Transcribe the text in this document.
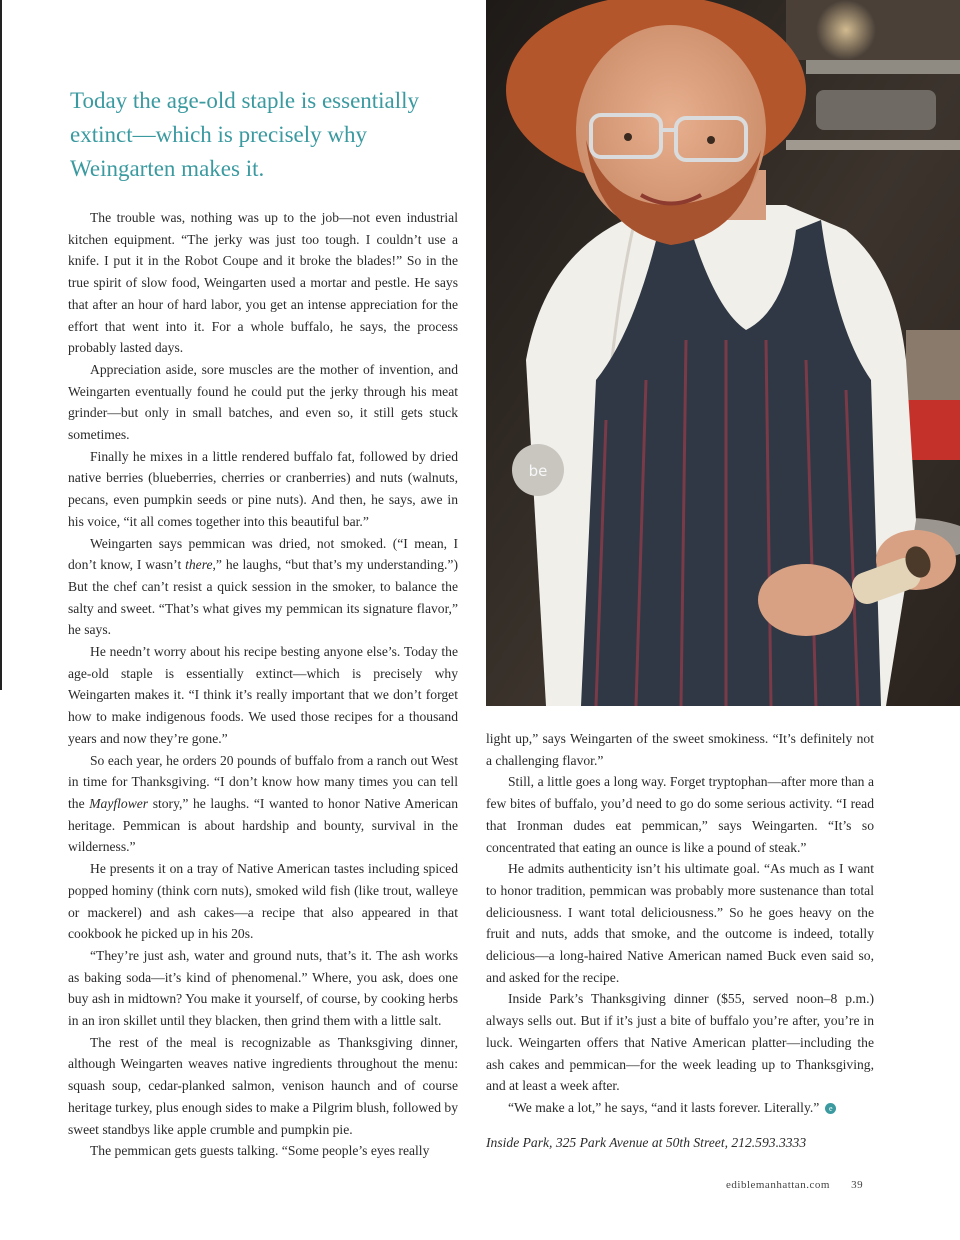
Today the age-old staple is essentially extinct—which is precisely why Weingarten makes it.

The trouble was, nothing was up to the job—not even industrial kitchen equipment. “The jerky was just too tough. I couldn’t use a knife. I put it in the Robot Coupe and it broke the blades!” So in the true spirit of slow food, Weingarten used a mortar and pestle. He says that after an hour of hard labor, you get an intense appreciation for the effort that went into it. For a whole buffalo, he says, the process probably lasted days.

Appreciation aside, sore muscles are the mother of invention, and Weingarten eventually found he could put the jerky through his meat grinder—but only in small batches, and even so, it still gets stuck sometimes.

Finally he mixes in a little rendered buffalo fat, followed by dried native berries (blueberries, cherries or cranberries) and nuts (walnuts, pecans, even pumpkin seeds or pine nuts). And then, he says, awe in his voice, “it all comes together into this beautiful bar.”

Weingarten says pemmican was dried, not smoked. (“I mean, I don’t know, I wasn’t there,” he laughs, “but that’s my understanding.”) But the chef can’t resist a quick session in the smoker, to balance the salty and sweet. “That’s what gives my pemmican its signature flavor,” he says.

He needn’t worry about his recipe besting anyone else’s. Today the age-old staple is essentially extinct—which is precisely why Weingarten makes it. “I think it’s really important that we don’t forget how to make indigenous foods. We used those recipes for a thousand years and now they’re gone.”

So each year, he orders 20 pounds of buffalo from a ranch out West in time for Thanksgiving. “I don’t know how many times you can tell the Mayflower story,” he laughs. “I wanted to honor Native American heritage. Pemmican is about hardship and bounty, survival in the wilderness.”

He presents it on a tray of Native American tastes including spiced popped hominy (think corn nuts), smoked wild fish (like trout, walleye or mackerel) and ash cakes—a recipe that also appeared in that cookbook he picked up in his 20s.

“They’re just ash, water and ground nuts, that’s it. The ash works as baking soda—it’s kind of phenomenal.” Where, you ask, does one buy ash in midtown? You make it yourself, of course, by cooking herbs in an iron skillet until they blacken, then grind them with a little salt.

The rest of the meal is recognizable as Thanksgiving dinner, although Weingarten weaves native ingredients throughout the menu: squash soup, cedar-planked salmon, venison haunch and of course heritage turkey, plus enough sides to make a Pilgrim blush, followed by sweet standbys like apple crumble and pumpkin pie.

The pemmican gets guests talking. “Some people’s eyes really

be

light up,” says Weingarten of the sweet smokiness. “It’s definitely not a challenging flavor.”

Still, a little goes a long way. Forget tryptophan—after more than a few bites of buffalo, you’d need to go do some serious activity. “I read that Ironman dudes eat pemmican,” says Weingarten. “It’s so concentrated that eating an ounce is like a pound of steak.”

He admits authenticity isn’t his ultimate goal. “As much as I want to honor tradition, pemmican was probably more sustenance than total deliciousness. I want total deliciousness.” So he goes heavy on the fruit and nuts, adds that smoke, and the outcome is indeed, totally delicious—a long-haired Native American named Buck even said so, and asked for the recipe.

Inside Park’s Thanksgiving dinner ($55, served noon–8 p.m.) always sells out. But if it’s just a bite of buffalo you’re after, you’re in luck. Weingarten offers that Native American platter—including the ash cakes and pemmican—for the week leading up to Thanksgiving, and at least a week after.

“We make a lot,” he says, “and it lasts forever. Literally.” e

Inside Park, 325 Park Avenue at 50th Street, 212.593.3333

ediblemanhattan.com 39
